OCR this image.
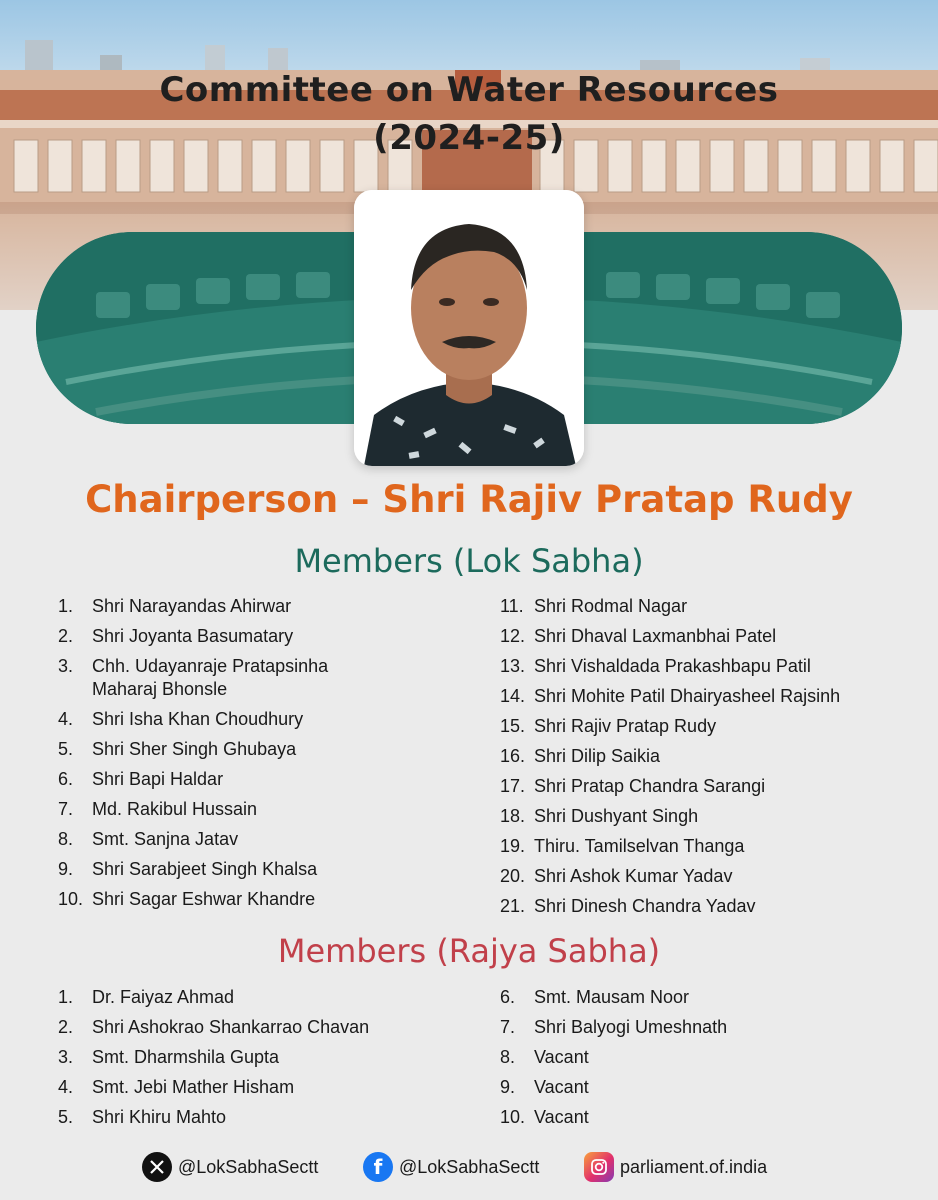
Committee on Water Resources
(2024-25)
Chairperson – Shri Rajiv Pratap Rudy
Members (Lok Sabha)
1.	Shri Narayandas Ahirwar
2.	Shri Joyanta Basumatary
3.	Chh. Udayanraje Pratapsinha Maharaj Bhonsle
4.	Shri Isha Khan Choudhury
5.	Shri Sher Singh Ghubaya
6.	Shri Bapi Haldar
7.	Md. Rakibul Hussain
8.	Smt. Sanjna Jatav
9.	Shri Sarabjeet Singh Khalsa
10. Shri Sagar Eshwar Khandre
11. Shri Rodmal Nagar
12. Shri Dhaval Laxmanbhai Patel
13. Shri Vishaldada Prakashbapu Patil
14. Shri Mohite Patil Dhairyasheel Rajsinh
15. Shri Rajiv Pratap Rudy
16. Shri Dilip Saikia
17. Shri Pratap Chandra Sarangi
18. Shri Dushyant Singh
19. Thiru. Tamilselvan Thanga
20. Shri Ashok Kumar Yadav
21. Shri Dinesh Chandra Yadav
Members (Rajya Sabha)
1.	Dr. Faiyaz Ahmad
2.	Shri Ashokrao Shankarrao Chavan
3.	Smt. Dharmshila Gupta
4.	Smt. Jebi Mather Hisham
5.	Shri Khiru Mahto
6.	Smt. Mausam Noor
7.	Shri Balyogi Umeshnath
8.	Vacant
9.	Vacant
10. Vacant
@LokSabhaSectt	f @LokSabhaSectt	parliament.of.india
